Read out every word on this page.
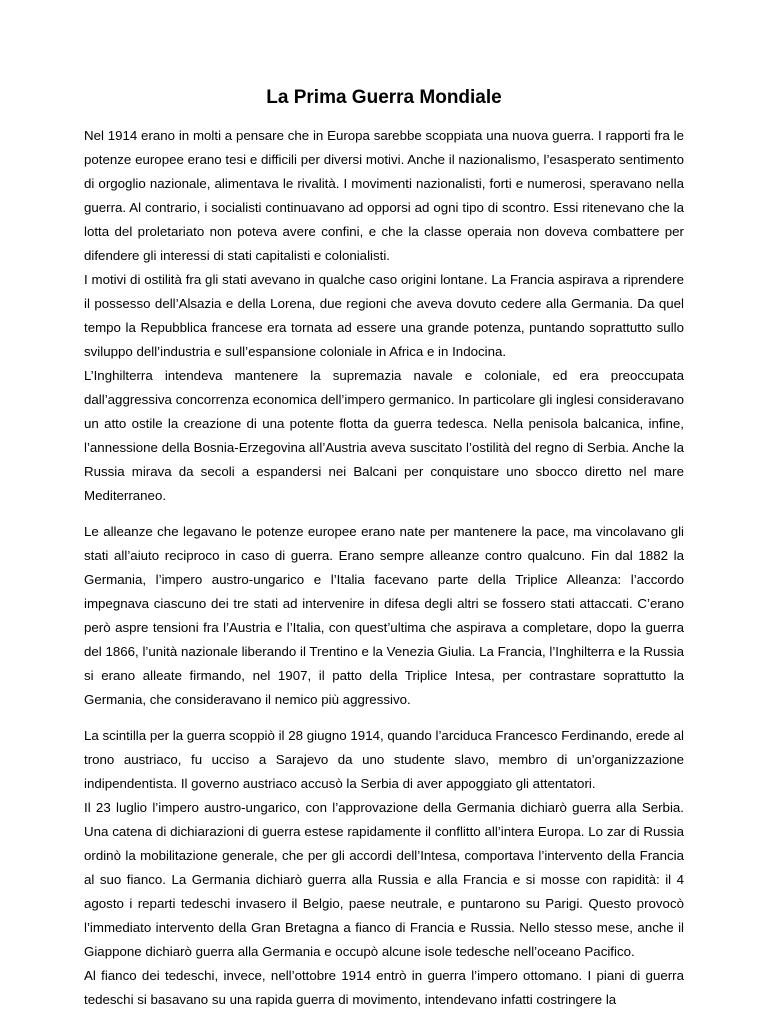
La Prima Guerra Mondiale

Nel 1914 erano in molti a pensare che in Europa sarebbe scoppiata una nuova guerra. I rapporti fra le potenze europee erano tesi e difficili per diversi motivi. Anche il nazionalismo, l’esasperato sentimento di orgoglio nazionale, alimentava le rivalità. I movimenti nazionalisti, forti e numerosi, speravano nella guerra. Al contrario, i socialisti continuavano ad opporsi ad ogni tipo di scontro. Essi ritenevano che la lotta del proletariato non poteva avere confini, e che la classe operaia non doveva combattere per difendere gli interessi di stati capitalisti e colonialisti.

I motivi di ostilità fra gli stati avevano in qualche caso origini lontane. La Francia aspirava a riprendere il possesso dell’Alsazia e della Lorena, due regioni che aveva dovuto cedere alla Germania. Da quel tempo la Repubblica francese era tornata ad essere una grande potenza, puntando soprattutto sullo sviluppo dell’industria e sull’espansione coloniale in Africa e in Indocina.

L’Inghilterra intendeva mantenere la supremazia navale e coloniale, ed era preoccupata dall’aggressiva concorrenza economica dell’impero germanico. In particolare gli inglesi consideravano un atto ostile la creazione di una potente flotta da guerra tedesca. Nella penisola balcanica, infine, l’annessione della Bosnia-Erzegovina all’Austria aveva suscitato l’ostilità del regno di Serbia. Anche la Russia mirava da secoli a espandersi nei Balcani per conquistare uno sbocco diretto nel mare Mediterraneo.

Le alleanze che legavano le potenze europee erano nate per mantenere la pace, ma vincolavano gli stati all’aiuto reciproco in caso di guerra. Erano sempre alleanze contro qualcuno. Fin dal 1882 la Germania, l’impero austro-ungarico e l’Italia facevano parte della Triplice Alleanza: l’accordo impegnava ciascuno dei tre stati ad intervenire in difesa degli altri se fossero stati attaccati. C’erano però aspre tensioni fra l’Austria e l’Italia, con quest’ultima che aspirava a completare, dopo la guerra del 1866, l’unità nazionale liberando il Trentino e la Venezia Giulia. La Francia, l’Inghilterra e la Russia si erano alleate firmando, nel 1907, il patto della Triplice Intesa, per contrastare soprattutto la Germania, che consideravano il nemico più aggressivo.

La scintilla per la guerra scoppiò il 28 giugno 1914, quando l’arciduca Francesco Ferdinando, erede al trono austriaco, fu ucciso a Sarajevo da uno studente slavo, membro di un’organizzazione indipendentista. Il governo austriaco accusò la Serbia di aver appoggiato gli attentatori.

Il 23 luglio l’impero austro-ungarico, con l’approvazione della Germania dichiarò guerra alla Serbia. Una catena di dichiarazioni di guerra estese rapidamente il conflitto all’intera Europa. Lo zar di Russia ordinò la mobilitazione generale, che per gli accordi dell’Intesa, comportava l’intervento della Francia al suo fianco. La Germania dichiarò guerra alla Russia e alla Francia e si mosse con rapidità: il 4 agosto i reparti tedeschi invasero il Belgio, paese neutrale, e puntarono su Parigi. Questo provocò l’immediato intervento della Gran Bretagna a fianco di Francia e Russia. Nello stesso mese, anche il Giappone dichiarò guerra alla Germania e occupò alcune isole tedesche nell’oceano Pacifico.

Al fianco dei tedeschi, invece, nell’ottobre 1914 entrò in guerra l’impero ottomano. I piani di guerra tedeschi si basavano su una rapida guerra di movimento, intendevano infatti costringere la
